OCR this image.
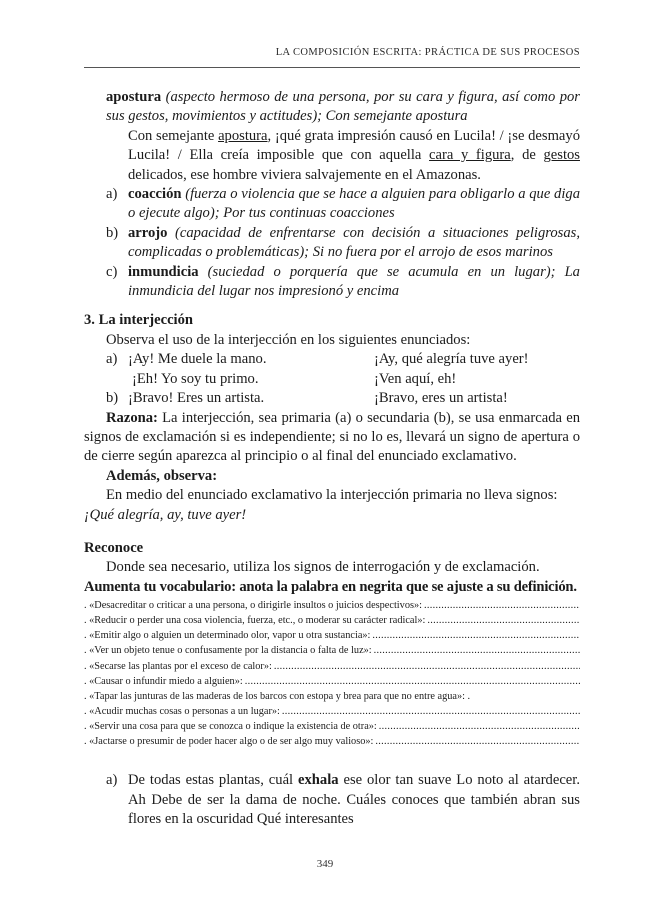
LA COMPOSICIÓN ESCRITA: PRÁCTICA DE SUS PROCESOS
apostura (aspecto hermoso de una persona, por su cara y figura, así como por sus gestos, movimientos y actitudes); Con semejante apostura
Con semejante apostura, ¡qué grata impresión causó en Lucila! / ¡se desmayó Lucila! / Ella creía imposible que con aquella cara y figura, de gestos delicados, ese hombre viviera salvajemente en el Amazonas.
a) coacción (fuerza o violencia que se hace a alguien para obligarlo a que diga o ejecute algo); Por tus continuas coacciones
b) arrojo (capacidad de enfrentarse con decisión a situaciones peligrosas, complicadas o problemáticas); Si no fuera por el arrojo de esos marinos
c) inmundicia (suciedad o porquería que se acumula en un lugar); La inmundicia del lugar nos impresionó y encima
3. La interjección
Observa el uso de la interjección en los siguientes enunciados:
a) ¡Ay! Me duele la mano.	¡Ay, qué alegría tuve ayer!
¡Eh! Yo soy tu primo.	¡Ven aquí, eh!
b) ¡Bravo! Eres un artista.	¡Bravo, eres un artista!
Razona: La interjección, sea primaria (a) o secundaria (b), se usa enmarcada en signos de exclamación si es independiente; si no lo es, llevará un signo de apertura o de cierre según aparezca al principio o al final del enunciado exclamativo.
Además, observa:
En medio del enunciado exclamativo la interjección primaria no lleva signos:
¡Qué alegría, ay, tuve ayer!
Reconoce
Donde sea necesario, utiliza los signos de interrogación y de exclamación.
Aumenta tu vocabulario: anota la palabra en negrita que se ajuste a su definición.
. «Desacreditar o criticar a una persona, o dirigirle insultos o juicios despectivos»:
.....
. «Reducir o perder una cosa violencia, fuerza, etc., o moderar su carácter radical»:
.....
. «Emitir algo o alguien un determinado olor, vapor u otra sustancia»:
.....
. «Ver un objeto tenue o confusamente por la distancia o falta de luz»:
.....
. «Secarse las plantas por el exceso de calor»:
.....
. «Causar o infundir miedo a alguien»:
.....
. «Tapar las junturas de las maderas de los barcos con estopa y brea para que no entre agua»: .
. «Acudir muchas cosas o personas a un lugar»:
.....
. «Servir una cosa para que se conozca o indique la existencia de otra»:
.....
. «Jactarse o presumir de poder hacer algo o de ser algo muy valioso»:
.....
a) De todas estas plantas, cuál exhala ese olor tan suave Lo noto al atardecer. Ah Debe de ser la dama de noche. Cuáles conoces que también abran sus flores en la oscuridad Qué interesantes
349
